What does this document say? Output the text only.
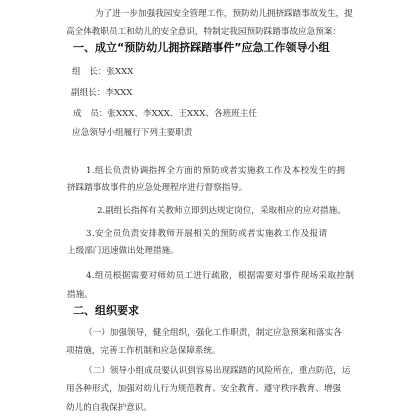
为了进一步加强我园安全管理工作，预防幼儿拥挤踩踏事故发生，提
高全体教职员工和幼儿的安全意识，特制定我园预防踩踏事故应急预案：
一、成立“预防幼儿拥挤踩踏事件”应急工作领导小组
组　长：张XXX
副组长：李XXX
成　员：张XXX、李XXX、王XXX、各班班主任
应急领导小组履行下列主要职责
1.组长负责协调指挥全方面的预防或者实施救工作及本校发生的拥
挤踩踏事故事件的应急处理程序进行督察指导。
2.副组长指挥有关教师立即到达规定岗位，采取相应的应对措施。
3.安全员负责安排教师开展相关的预防或者实施救工作及报请
上级部门迅速做出处理措施。
4.组员根据需要对师幼员工进行疏散，根据需要对事件现场采取控制
措施。
二、组织要求
（一）加强领导，健全组织，强化工作职责，制定应急预案和落实各
项措施，完善工作机制和应急保障系统。
（二）领导小组成员要认识到容易出现踩踏的风险所在，重点防范，运
用各种形式，加强对幼儿行为规范教育、安全教育、遵守秩序教育、增强
幼儿的自我保护意识。
